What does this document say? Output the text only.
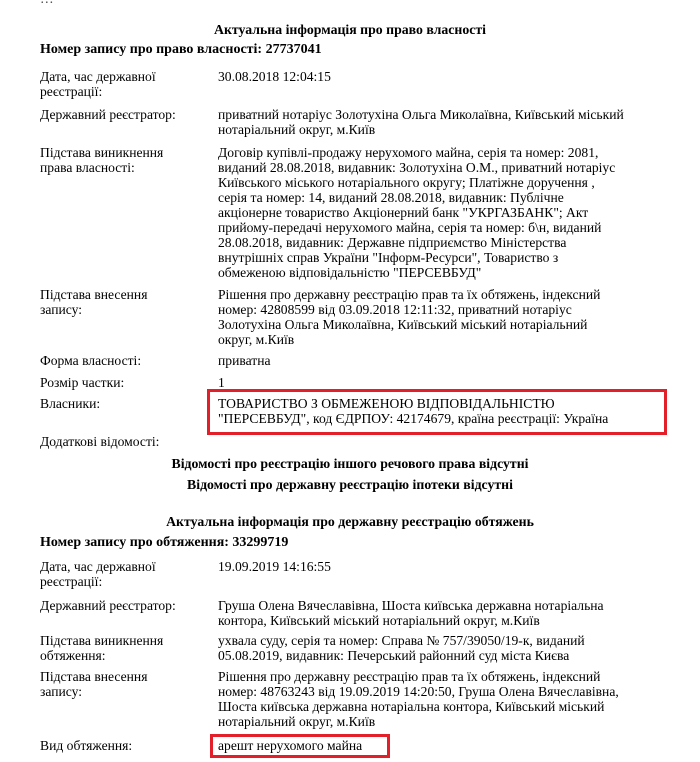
Актуальна інформація про право власності
Номер запису про право власності: 27737041
Дата, час державної
реєстрації:
30.08.2018 12:04:15
Державний реєстратор:	приватний нотаріус Золотухіна Ольга Миколаївна, Київський міський
нотаріальний округ, м.Київ
Підстава виникнення
права власності:
Договір купівлі-продажу нерухомого майна, серія та номер: 2081,
виданий 28.08.2018, видавник: Золотухіна О.М., приватний нотаріус
Київського міського нотаріального округу; Платіжне доручення ,
серія та номер: 14, виданий 28.08.2018, видавник: Публічне
акціонерне товариство Акціонерний банк "УКРГАЗБАНК"; Акт
прийому-передачі нерухомого майна, серія та номер: б\н, виданий
28.08.2018, видавник: Державне підприємство Міністерства
внутрішніх справ України "Інформ-Ресурси", Товариство з
обмеженою відповідальністю "ПЕРСЕВБУД"
Підстава внесення
запису:
Рішення про державну реєстрацію прав та їх обтяжень, індексний
номер: 42808599 від 03.09.2018 12:11:32, приватний нотаріус
Золотухіна Ольга Миколаївна, Київський міський нотаріальний
округ, м.Київ
Форма власності:	приватна
Розмір частки:	1
Власники:	ТОВАРИСТВО З ОБМЕЖЕНОЮ ВІДПОВІДАЛЬНІСТЮ
"ПЕРСЕВБУД", код ЄДРПОУ: 42174679, країна реєстрації: Україна
Додаткові відомості:
Відомості про реєстрацію іншого речового права відсутні
Відомості про державну реєстрацію іпотеки відсутні
Актуальна інформація про державну реєстрацію обтяжень
Номер запису про обтяження: 33299719
Дата, час державної
реєстрації:
19.09.2019 14:16:55
Державний реєстратор:	Груша Олена Вячеславівна, Шоста київська державна нотаріальна
контора, Київський міський нотаріальний округ, м.Київ
Підстава виникнення
обтяження:
ухвала суду, серія та номер: Справа № 757/39050/19-к, виданий
05.08.2019, видавник: Печерський районний суд міста Києва
Підстава внесення
запису:
Рішення про державну реєстрацію прав та їх обтяжень, індексний
номер: 48763243 від 19.09.2019 14:20:50, Груша Олена Вячеславівна,
Шоста київська державна нотаріальна контора, Київський міський
нотаріальний округ, м.Київ
Вид обтяження:	арешт нерухомого майна
